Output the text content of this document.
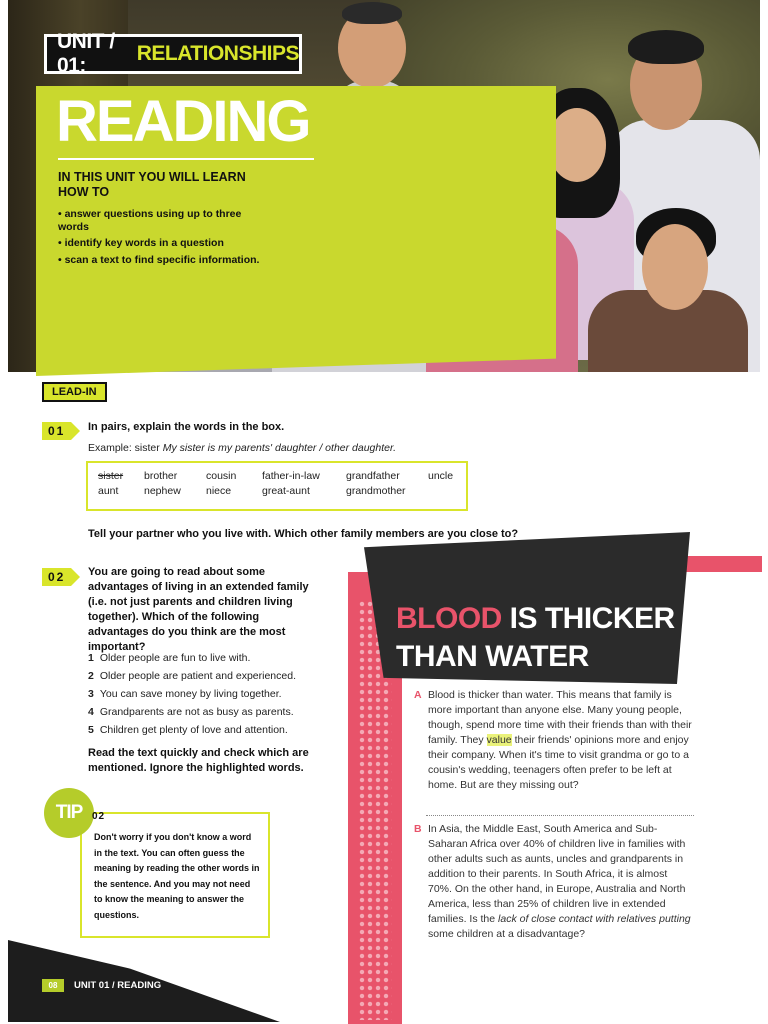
UNIT / 01:
RELATIONSHIPS
READING
IN THIS UNIT YOU WILL LEARN HOW TO
• answer questions using up to three words
• identify key words in a question
• scan a text to find specific information.
LEAD-IN
01	In pairs, explain the words in the box.
Example: sister My sister is my parents' daughter / other daughter.
sister	brother	cousin	father-in-law	grandfather	uncle
aunt	nephew	niece	great-aunt	grandmother
Tell your partner who you live with. Which other family members are you close to?
02	You are going to read about some advantages of living in an extended family (i.e. not just parents and children living together). Which of the following advantages do you think are the most important?
1 Older people are fun to live with.
2 Older people are patient and experienced.
3 You can save money by living together.
4 Grandparents are not as busy as parents.
5 Children get plenty of love and attention.
Read the text quickly and check which are mentioned. Ignore the highlighted words.
TIP 02
Don't worry if you don't know a word in the text. You can often guess the meaning by reading the other words in the sentence. And you may not need to know the meaning to answer the questions.
08	UNIT 01 / READING
BLOOD IS THICKER
THAN WATER
A Blood is thicker than water. This means that family is more important than anyone else. Many young people, though, spend more time with their friends than with their family. They value their friends' opinions more and enjoy their company. When it's time to visit grandma or go to a cousin's wedding, teenagers often prefer to be left at home. But are they missing out?
B In Asia, the Middle East, South America and Sub-Saharan Africa over 40% of children live in families with other adults such as aunts, uncles and grandparents in addition to their parents. In South Africa, it is almost 70%. On the other hand, in Europe, Australia and North America, less than 25% of children live in extended families. Is the lack of close contact with relatives putting some children at a disadvantage?
